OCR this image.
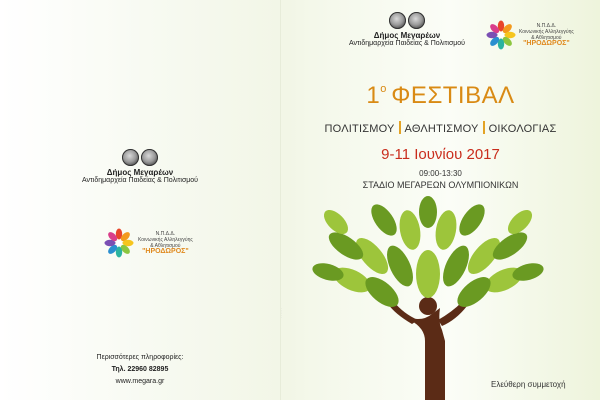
· · · · · ·
Δήμος Μεγαρέων
Αντιδημαρχεία Παιδείας & Πολιτισμού
Ν.Π.Δ.Δ.
Κοινωνικής Αλληλεγγύης
& Αθλητισμού
"ΗΡΟΔΩΡΟΣ"
Περισσότερες πληροφορίες:
Τηλ. 22960 82895
www.megara.gr
Δήμος Μεγαρέων
Αντιδημαρχεία Παιδείας & Πολιτισμού
Ν.Π.Δ.Δ.
Κοινωνικής Αλληλεγγύης
& Αθλητισμού
"ΗΡΟΔΩΡΟΣ"
$1^o$ ΦΕΣΤΙΒΑΛ
ΠΟΛΙΤΙΣΜΟΥ ΑΘΛΗΤΙΣΜΟΥ ΟΙΚΟΛΟΓΙΑΣ
9-11 Ιουνίου 2017
09:00-13:30
ΣΤΑΔΙΟ ΜΕΓΑΡΕΩΝ ΟΛΥΜΠΙΟΝΙΚΩΝ
Ελεύθερη συμμετοχή
